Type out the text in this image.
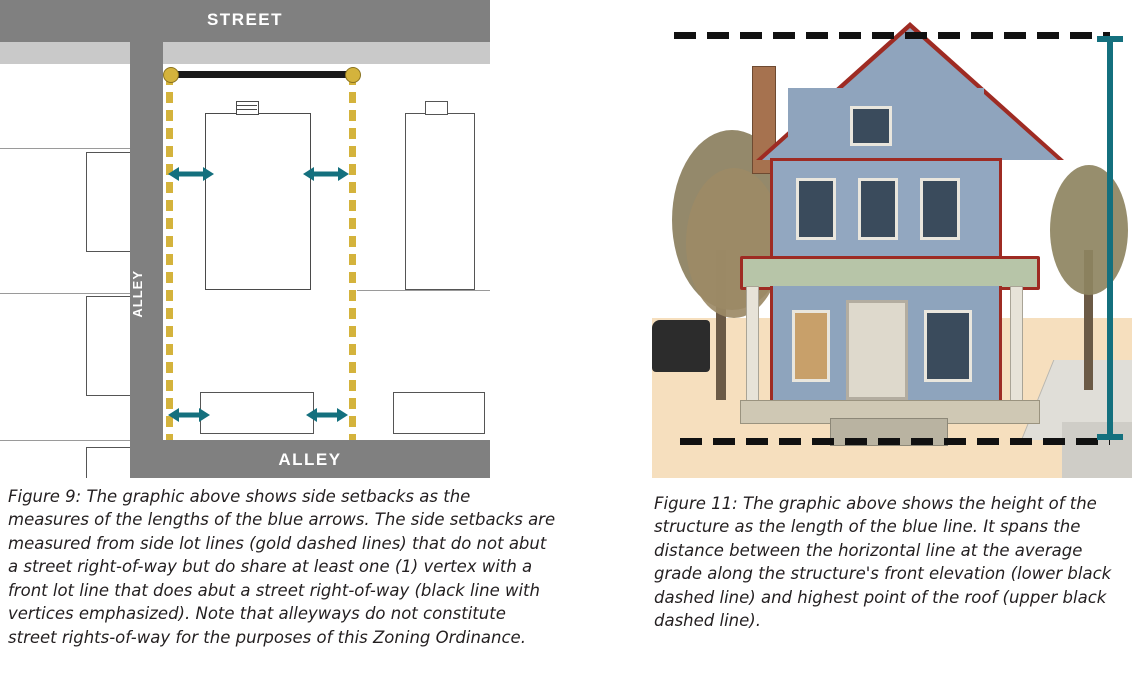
STREET
ALLEY
ALLEY
Figure 9: The graphic above shows side setbacks as the measures of the lengths of the blue arrows. The side setbacks are measured from side lot lines (gold dashed lines) that do not abut a street right-of-way but do share at least one (1) vertex with a front lot line that does abut a street right-of-way (black line with vertices emphasized). Note that alleyways do not constitute street rights-of-way for the purposes of this Zoning Ordinance.
Figure 11: The graphic above shows the height of the structure as the length of the blue line. It spans the distance between the horizontal line at the average grade along the structure's front elevation (lower black dashed line) and highest point of the roof (upper black dashed line).
